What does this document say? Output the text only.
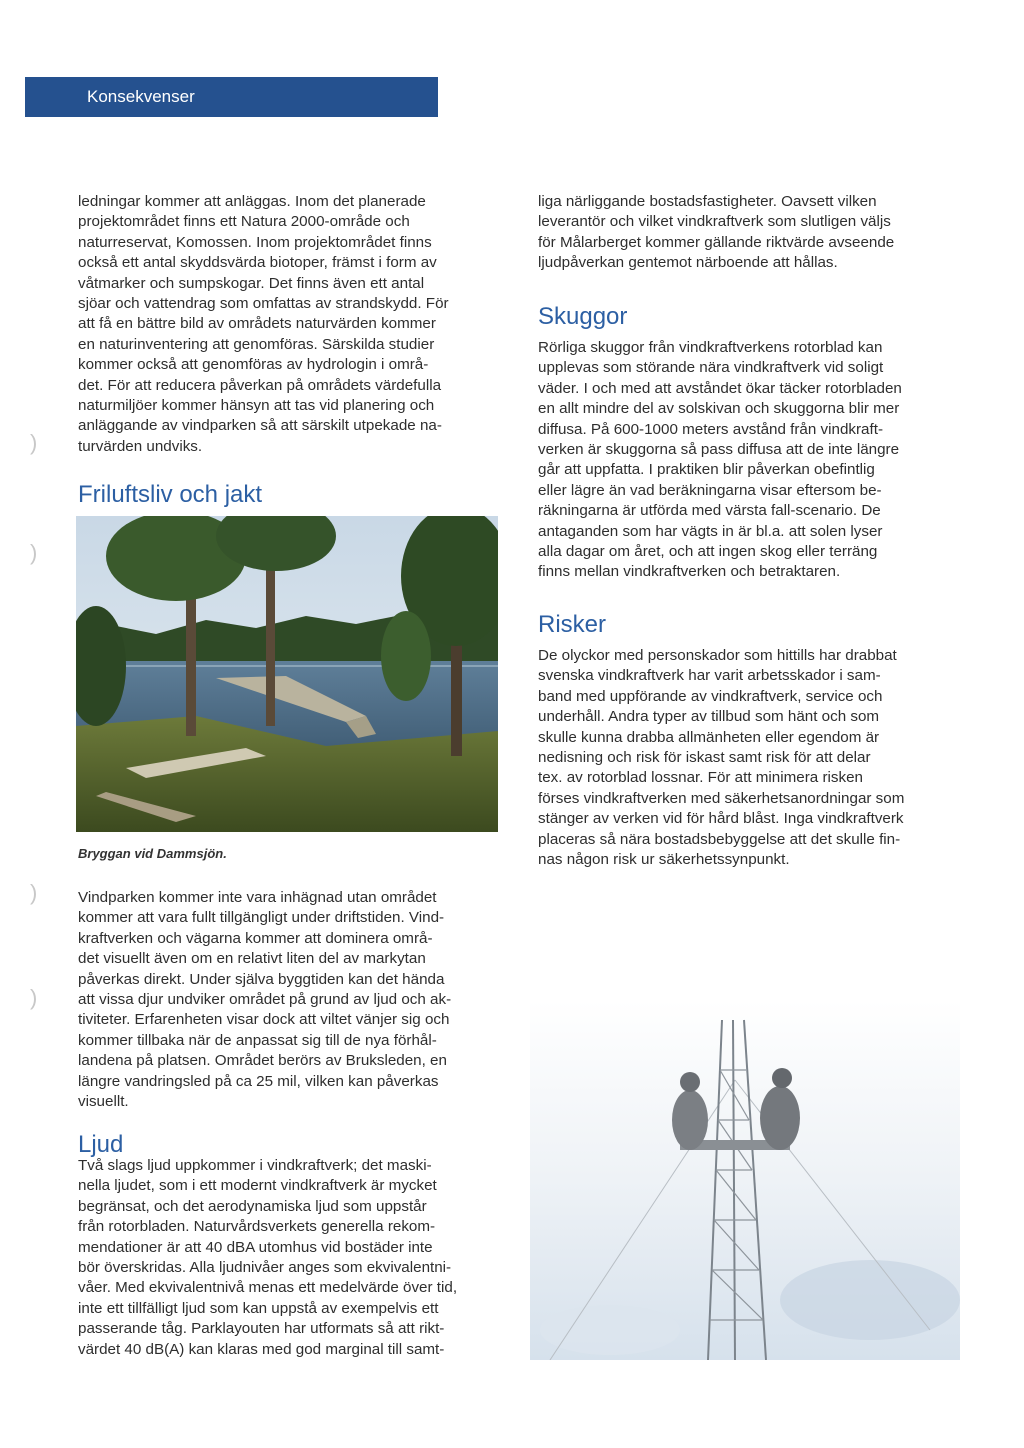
Konsekvenser
)
)
)
)

ledningar kommer att anläggas. Inom det planerade
projektområdet finns ett Natura 2000-område och
naturreservat, Komossen. Inom projektområdet finns
också ett antal skyddsvärda biotoper, främst i form av
våtmarker och sumpskogar. Det finns även ett antal
sjöar och vattendrag som omfattas av strandskydd. För
att få en bättre bild av områdets naturvärden kommer
en naturinventering att genomföras. Särskilda studier
kommer också att genomföras av hydrologin i områ-
det. För att reducera påverkan på områdets värdefulla
naturmiljöer kommer hänsyn att tas vid planering och
anläggande av vindparken så att särskilt utpekade na-
turvärden undviks.

Friluftsliv och jakt
Bryggan vid Dammsjön.

Vindparken kommer inte vara inhägnad utan området
kommer att vara fullt tillgängligt under driftstiden. Vind-
kraftverken och vägarna kommer att dominera områ-
det visuellt även om en relativt liten del av markytan
påverkas direkt. Under själva byggtiden kan det hända
att vissa djur undviker området på grund av ljud och ak-
tiviteter. Erfarenheten visar dock att viltet vänjer sig och
kommer tillbaka när de anpassat sig till de nya förhål-
landena på platsen. Området berörs av Bruksleden, en
längre vandringsled på ca 25 mil, vilken kan påverkas
visuellt.

Ljud

Två slags ljud uppkommer i vindkraftverk; det maski-
nella ljudet, som i ett modernt vindkraftverk är mycket
begränsat, och det aerodynamiska ljud som uppstår
från rotorbladen. Naturvårdsverkets generella rekom-
mendationer är att 40 dBA utomhus vid bostäder inte
bör överskridas. Alla ljudnivåer anges som ekvivalentni-
våer. Med ekvivalentnivå menas ett medelvärde över tid,
inte ett tillfälligt ljud som kan uppstå av exempelvis ett
passerande tåg. Parklayouten har utformats så att rikt-
värdet 40 dB(A) kan klaras med god marginal till samt-

liga närliggande bostadsfastigheter. Oavsett vilken
leverantör och vilket vindkraftverk som slutligen väljs
för Målarberget kommer gällande riktvärde avseende
ljudpåverkan gentemot närboende att hållas.

Skuggor

Rörliga skuggor från vindkraftverkens rotorblad kan
upplevas som störande nära vindkraftverk vid soligt
väder. I och med att avståndet ökar täcker rotorbladen
en allt mindre del av solskivan och skuggorna blir mer
diffusa. På 600-1000 meters avstånd från vindkraft-
verken är skuggorna så pass diffusa att de inte längre
går att uppfatta. I praktiken blir påverkan obefintlig
eller lägre än vad beräkningarna visar eftersom be-
räkningarna är utförda med värsta fall-scenario. De
antaganden som har vägts in är bl.a. att solen lyser
alla dagar om året, och att ingen skog eller terräng
finns mellan vindkraftverken och betraktaren.

Risker

De olyckor med personskador som hittills har drabbat
svenska vindkraftverk har varit arbetsskador i sam-
band med uppförande av vindkraftverk, service och
underhåll. Andra typer av tillbud som hänt och som
skulle kunna drabba allmänheten eller egendom är
nedisning och risk för iskast samt risk för att delar
tex. av rotorblad lossnar. För att minimera risken
förses vindkraftverken med säkerhetsanordningar som
stänger av verken vid för hård blåst. Inga vindkraftverk
placeras så nära bostadsbebyggelse att det skulle fin-
nas någon risk ur säkerhetssynpunkt.
